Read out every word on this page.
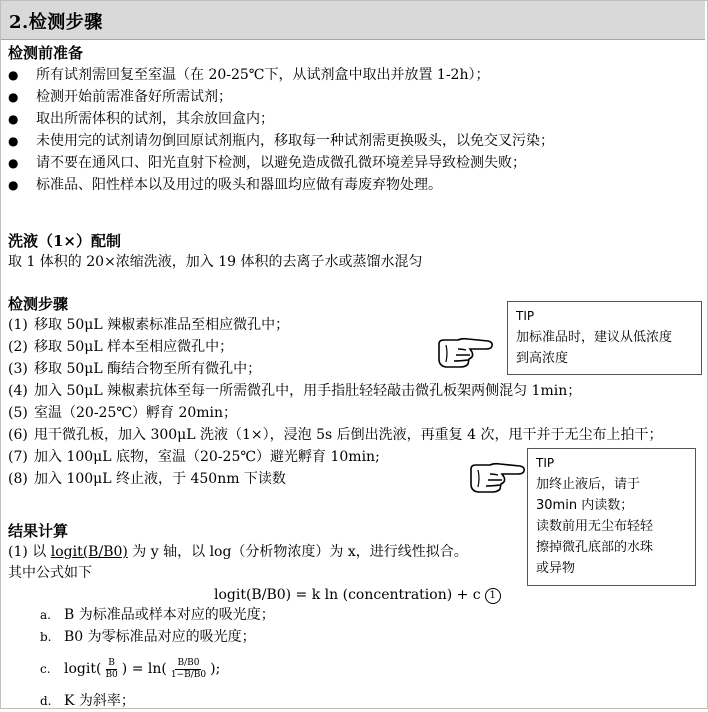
2.检测步骤
检测前准备
● 所有试剂需回复至室温（在 20-25℃下，从试剂盒中取出并放置 1-2h）；
● 检测开始前需准备好所需试剂；
● 取出所需体积的试剂，其余放回盒内；
● 未使用完的试剂请勿倒回原试剂瓶内，移取每一种试剂需更换吸头，以免交叉污染；
● 请不要在通风口、阳光直射下检测，以避免造成微孔微环境差异导致检测失败；
● 标准品、阳性样本以及用过的吸头和器皿均应做有毒废弃物处理。
洗液（1×）配制
取 1 体积的 20×浓缩洗液，加入 19 体积的去离子水或蒸馏水混匀
检测步骤
(1) 移取 50μL 辣椒素标准品至相应微孔中；
(2) 移取 50μL 样本至相应微孔中；
(3) 移取 50μL 酶结合物至所有微孔中；
(4) 加入 50μL 辣椒素抗体至每一所需微孔中，用手指肚轻轻敲击微孔板架两侧混匀 1min；
(5) 室温（20-25℃）孵育 20min；
(6) 甩干微孔板，加入 300μL 洗液（1×），浸泡 5s 后倒出洗液，再重复 4 次，甩干并于无尘布上拍干；
(7) 加入 100μL 底物，室温（20-25℃）避光孵育 10min;
(8) 加入 100μL 终止液，于 450nm 下读数
TIP
加标准品时，建议从低浓度
到高浓度
TIP
加终止液后，请于
30min 内读数；
读数前用无尘布轻轻
擦掉微孔底部的水珠
或异物
结果计算
(1) 以 logit(B/B0) 为 y 轴，以 log（分析物浓度）为 x，进行线性拟合。
其中公式如下
logit(B/B0) = k ln (concentration) + c 1
a. B 为标准品或样本对应的吸光度；
b. B0 为零标准品对应的吸光度；
c. logit( $\frac{B}{B0}$ ) = $\ln( \frac{B/B0}{1-B/B0}$ );
d. K 为斜率；
